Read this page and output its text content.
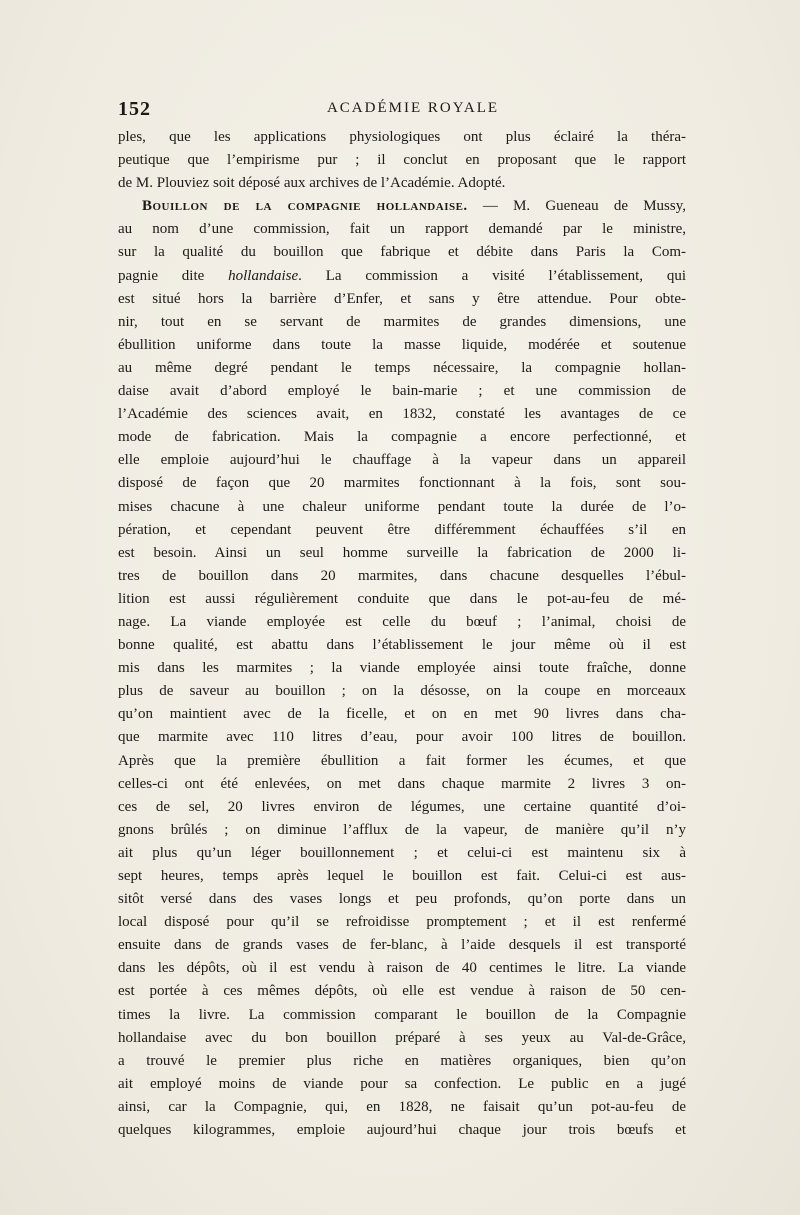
152	ACADÉMIE ROYALE
ples, que les applications physiologiques ont plus éclairé la théra-
peutique que l’empirisme pur ; il conclut en proposant que le rapport
de M. Plouviez soit déposé aux archives de l’Académie. Adopté.
Bouillon de la compagnie hollandaise. — M. Gueneau de Mussy,
au nom d’une commission, fait un rapport demandé par le ministre,
sur la qualité du bouillon que fabrique et débite dans Paris la Com-
pagnie dite hollandaise. La commission a visité l’établissement, qui
est situé hors la barrière d’Enfer, et sans y être attendue. Pour obte-
nir, tout en se servant de marmites de grandes dimensions, une
ébullition uniforme dans toute la masse liquide, modérée et soutenue
au même degré pendant le temps nécessaire, la compagnie hollan-
daise avait d’abord employé le bain-marie ; et une commission de
l’Académie des sciences avait, en 1832, constaté les avantages de ce
mode de fabrication. Mais la compagnie a encore perfectionné, et
elle emploie aujourd’hui le chauffage à la vapeur dans un appareil
disposé de façon que 20 marmites fonctionnant à la fois, sont sou-
mises chacune à une chaleur uniforme pendant toute la durée de l’o-
pération, et cependant peuvent être différemment échauffées s’il en
est besoin. Ainsi un seul homme surveille la fabrication de 2000 li-
tres de bouillon dans 20 marmites, dans chacune desquelles l’ébul-
lition est aussi régulièrement conduite que dans le pot-au-feu de mé-
nage. La viande employée est celle du bœuf ; l’animal, choisi de
bonne qualité, est abattu dans l’établissement le jour même où il est
mis dans les marmites ; la viande employée ainsi toute fraîche, donne
plus de saveur au bouillon ; on la désosse, on la coupe en morceaux
qu’on maintient avec de la ficelle, et on en met 90 livres dans cha-
que marmite avec 110 litres d’eau, pour avoir 100 litres de bouillon.
Après que la première ébullition a fait former les écumes, et que
celles-ci ont été enlevées, on met dans chaque marmite 2 livres 3 on-
ces de sel, 20 livres environ de légumes, une certaine quantité d’oi-
gnons brûlés ; on diminue l’afflux de la vapeur, de manière qu’il n’y
ait plus qu’un léger bouillonnement ; et celui-ci est maintenu six à
sept heures, temps après lequel le bouillon est fait. Celui-ci est aus-
sitôt versé dans des vases longs et peu profonds, qu’on porte dans un
local disposé pour qu’il se refroidisse promptement ; et il est renfermé
ensuite dans de grands vases de fer-blanc, à l’aide desquels il est transporté
dans les dépôts, où il est vendu à raison de 40 centimes le litre. La viande
est portée à ces mêmes dépôts, où elle est vendue à raison de 50 cen-
times la livre. La commission comparant le bouillon de la Compagnie
hollandaise avec du bon bouillon préparé à ses yeux au Val-de-Grâce,
a trouvé le premier plus riche en matières organiques, bien qu’on
ait employé moins de viande pour sa confection. Le public en a jugé
ainsi, car la Compagnie, qui, en 1828, ne faisait qu’un pot-au-feu de
quelques kilogrammes, emploie aujourd’hui chaque jour trois bœufs et
